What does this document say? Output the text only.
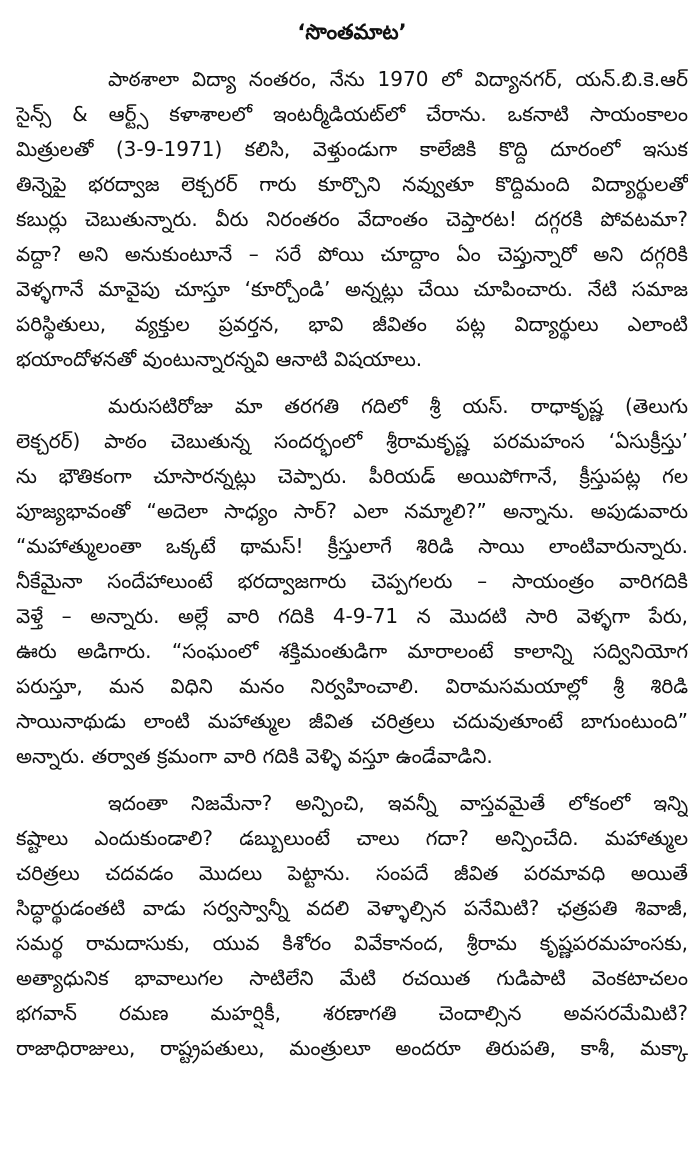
‘సొంతమాట’
పాఠశాలా విద్యా నంతరం, నేను 1970 లో విద్యానగర్, యన్.బి.కె.ఆర్
సైన్స్ & ఆర్ట్స్ కళాశాలలో ఇంటర్మీడియట్‌లో చేరాను. ఒకనాటి సాయంకాలం
మిత్రులతో (3-9-1971) కలిసి, వెళ్తుండుగా కాలేజికి కొద్ది దూరంలో ఇసుక
తిన్నెపై భరద్వాజ లెక్చరర్ గారు కూర్చొని నవ్వుతూ కొద్దిమంది విద్యార్థులతో
కబుర్లు చెబుతున్నారు. వీరు నిరంతరం వేదాంతం చెప్తారట! దగ్గరకి పోవటమా?
వద్దా? అని అనుకుంటూనే – సరే పోయి చూద్దాం ఏం చెప్తున్నారో అని దగ్గరికి
వెళ్ళగానే మావైపు చూస్తూ ‘కూర్చోండి’ అన్నట్లు చేయి చూపించారు. నేటి సమాజ
పరిస్థితులు, వ్యక్తుల ప్రవర్తన, భావి జీవితం పట్ల విద్యార్థులు ఎలాంటి
భయాందోళనతో వుంటున్నారన్నవి ఆనాటి విషయాలు.
మరుసటిరోజు మా తరగతి గదిలో శ్రీ యస్. రాధాకృష్ణ (తెలుగు
లెక్చరర్) పాఠం చెబుతున్న సందర్భంలో శ్రీరామకృష్ణ పరమహంస ‘ఏసుక్రీస్తు’
ను భౌతికంగా చూసారన్నట్లు చెప్పారు. పీరియడ్ అయిపోగానే, క్రీస్తుపట్ల గల
పూజ్యభావంతో “అదెలా సాధ్యం సార్? ఎలా నమ్మాలి?” అన్నాను. అపుడువారు
“మహాత్ములంతా ఒక్కటే థామస్! క్రీస్తులాగే శిరిడి సాయి లాంటివారున్నారు.
నీకేమైనా సందేహాలుంటే భరద్వాజగారు చెప్పగలరు – సాయంత్రం వారిగదికి
వెళ్తే – అన్నారు. అల్లే వారి గదికి 4-9-71 న మొదటి సారి వెళ్ళగా పేరు,
ఊరు అడిగారు. “సంఘంలో శక్తిమంతుడిగా మారాలంటే కాలాన్ని సద్వినియోగ
పరుస్తూ, మన విధిని మనం నిర్వహించాలి. విరామసమయాల్లో శ్రీ శిరిడి
సాయినాథుడు లాంటి మహాత్ముల జీవిత చరిత్రలు చదువుతూంటే బాగుంటుంది”
అన్నారు. తర్వాత క్రమంగా వారి గదికి వెళ్ళి వస్తూ ఉండేవాడిని.
ఇదంతా నిజమేనా? అన్పించి, ఇవన్నీ వాస్తవమైతే లోకంలో ఇన్ని
కష్టాలు ఎందుకుండాలి? డబ్బులుంటే చాలు గదా? అన్పించేది. మహాత్ముల
చరిత్రలు చదవడం మొదలు పెట్టాను. సంపదే జీవిత పరమావధి అయితే
సిద్ధార్థుడంతటి వాడు సర్వస్వాన్నీ వదలి వెళ్ళాల్సిన పనేమిటి? ఛత్రపతి శివాజీ,
సమర్థ రామదాసుకు, యువ కిశోరం వివేకానంద, శ్రీరామ కృష్ణపరమహంసకు,
అత్యాధునిక భావాలుగల సాటిలేని మేటి రచయిత గుడిపాటి వెంకటాచలం
భగవాన్ రమణ మహర్షికీ, శరణాగతి చెందాల్సిన అవసరమేమిటి?
రాజాధిరాజులు, రాష్ట్రపతులు, మంత్రులూ అందరూ తిరుపతి, కాశీ, మక్కా
